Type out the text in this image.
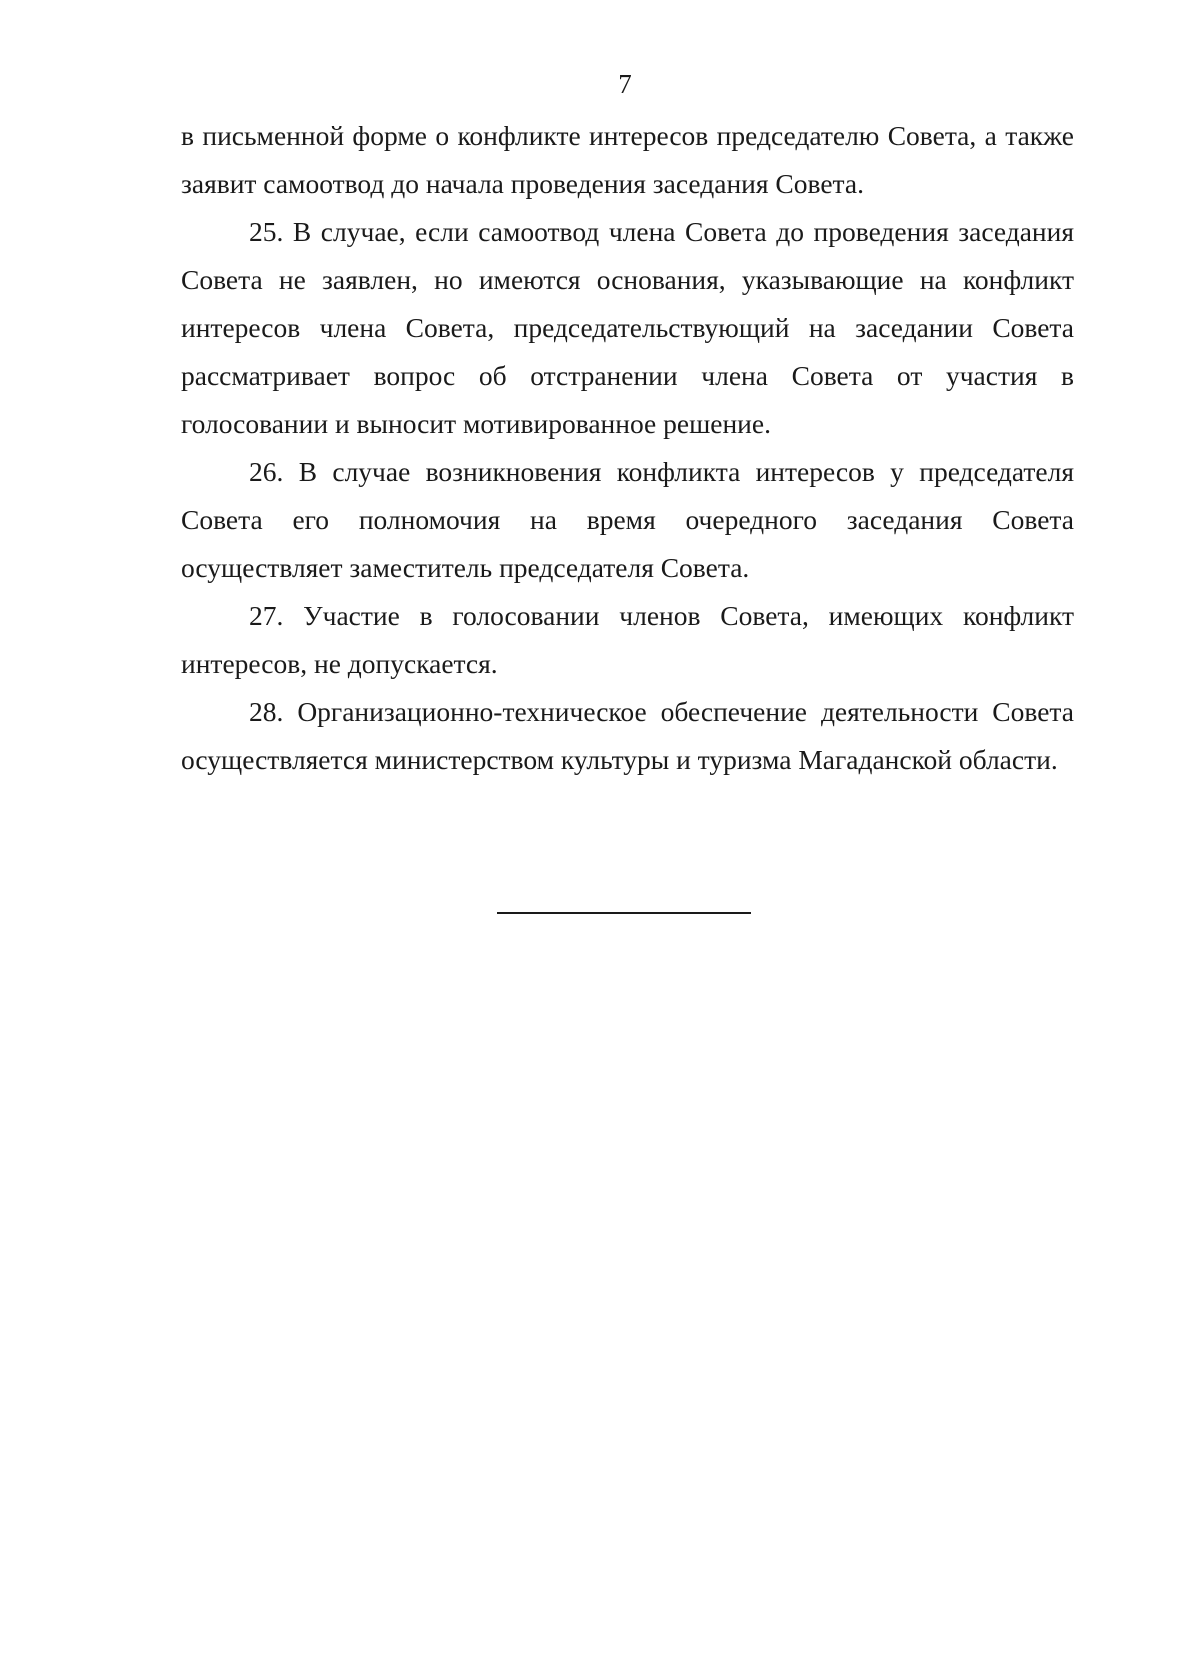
7

в письменной форме о конфликте интересов председателю Совета, а также заявит самоотвод до начала проведения заседания Совета.

25. В случае, если самоотвод члена Совета до проведения заседания Совета не заявлен, но имеются основания, указывающие на конфликт интересов члена Совета, председательствующий на заседании Совета рассматривает вопрос об отстранении члена Совета от участия в голосовании и выносит мотивированное решение.

26. В случае возникновения конфликта интересов у председателя Совета его полномочия на время очередного заседания Совета осуществляет заместитель председателя Совета.

27. Участие в голосовании членов Совета, имеющих конфликт интересов, не допускается.

28. Организационно-техническое обеспечение деятельности Совета осуществляется министерством культуры и туризма Магаданской области.
